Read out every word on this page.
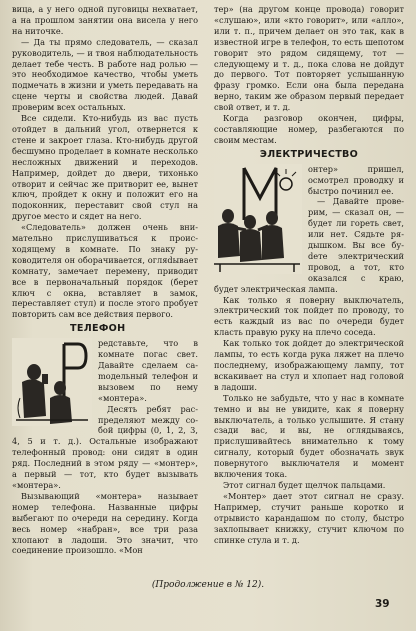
вица, а у него одной пуговицы нехватает, а на прошлом занятии она висела у него на ниточке.

— Да ты прямо следователь, — сказал руководитель, — и твоя наблюдательность делает тебе честь. В работе над ролью — это необходимое качество, чтобы уметь подмечать в жизни и уметь передавать на сцене черты и свойства людей. Давай проверим всех остальных.

Все сидели. Кто-нибудь из вас пусть отойдет в дальний угол, отвернется к стене и закроет глаза. Кто-нибудь другой бесшумно проделает в комнате несколько несложных движений и переходов. Например, дойдет до двери, тихонько отворит и сейчас же притворит ее, вынет ключ, пройдет к окну и положит его на подоконник, переставит свой стул на другое место и сядет на него.

«Следователь» должен очень внимательно прислушиваться к происходящему в комнате. По знаку руководителя он оборачивается, огляdывает комнату, замечает перемену, приводит все в первоначальный порядок (берет ключ с окна, вставляет в замок, переставляет стул) и после этого пробует повторить сам все действия первого.

ТЕЛЕФОН

редставьте, что в комнате погас свет. Давайте сделаем саmодельный телефон и вызовем по нему «монтера».

Десять ребят распределяют между собой цифры (0, 1, 2, 3, 4, 5 и т. д.). Остальные изображают телефонный провод: они сидят в один ряд. Последний в этом ряду — «монтер», а первый — тот, кто будет вызывать «монтера».

Вызывающий «монтера» называет номер телефона. Названные цифры выбегают по очереди на середину. Когда весь номер «набран», все три раза хлопают в ладоши. Это значит, что соединение произошло. «Мон

тер» (на другом конце провода) говорит «слушаю», или «кто говорит», или «алло», или т. п., причем делает он это так, как в известной игре в телефон, то есть шепотом говорит это рядом сидящему, тот — следующему и т. д., пока слова не дойдут до первого. Тот повторяет услышанную фразу громко. Если она была передана верно, таким же образом первый передает свой ответ, и т. д.

Когда разговор окончен, цифры, составляющие номер, разбегаются по своим местам.

ЭЛЕКТРИЧЕСТВО

онтер» пришел, осмотрел проводку и быстро починил ее.

— Давайте проверим, — сказал он, — будет ли гореть свет, или нет. Сядьте рядышком. Вы все буdете электрический провод, а тот, кто оказался с краю, будет электрическая лампа.

Как только я поверну выключатель, электрический ток пойдет по проводу, то есть каждый из вас по очереди будет класть правую руку на плечо соседа.

Как только ток дойдет до электрической лампы, то есть когда рука ляжет на плечо последнему, изображающему лампу, тот вскакивает на стул и хлопает над головой в ладоши.

Только не забудьте, что у нас в комнате темно и вы не увидите, как я поверну выключатель, а только услышите. Я стану сзади вас, и вы, не оглядываясь, прислушивайтесь внимательно к тому сигналу, который будет обозначать звук повернутого выключателя и момент включения тока.

Этот сигнал будет щелчок пальцами.

«Монтер» дает этот сигнал не сразу. Например, стучит раньше коротко и отрывисто карандашом по столу, быстро захлопывает книжку, стучит ключом по спинке стула и т. д.

(Продолжение в № 12).
39
